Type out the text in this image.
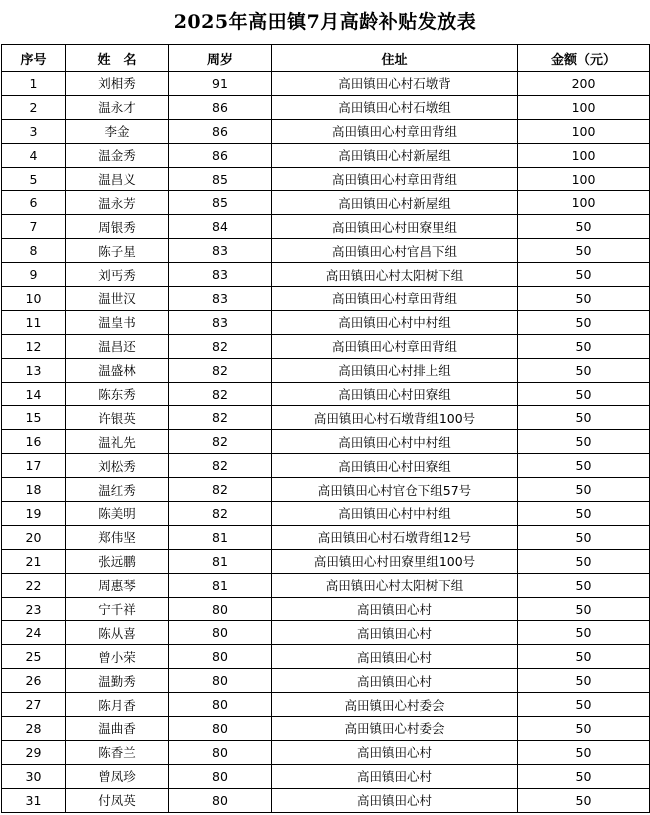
2025年高田镇7月高龄补贴发放表
序号	姓　名	周岁	住址	金额（元）
1	刘相秀	91	高田镇田心村石墩背	200
2	温永才	86	高田镇田心村石墩组	100
3	李金	86	高田镇田心村章田背组	100
4	温金秀	86	高田镇田心村新屋组	100
5	温昌义	85	高田镇田心村章田背组	100
6	温永芳	85	高田镇田心村新屋组	100
7	周银秀	84	高田镇田心村田寮里组	50
8	陈子星	83	高田镇田心村官昌下组	50
9	刘丐秀	83	高田镇田心村太阳树下组	50
10	温世汉	83	高田镇田心村章田背组	50
11	温皇书	83	高田镇田心村中村组	50
12	温昌还	82	高田镇田心村章田背组	50
13	温盛林	82	高田镇田心村排上组	50
14	陈东秀	82	高田镇田心村田寮组	50
15	许银英	82	高田镇田心村石墩背组100号	50
16	温礼先	82	高田镇田心村中村组	50
17	刘松秀	82	高田镇田心村田寮组	50
18	温红秀	82	高田镇田心村官仓下组57号	50
19	陈美明	82	高田镇田心村中村组	50
20	郑伟坚	81	高田镇田心村石墩背组12号	50
21	张远鹏	81	高田镇田心村田寮里组100号	50
22	周惠琴	81	高田镇田心村太阳树下组	50
23	宁千祥	80	高田镇田心村	50
24	陈从喜	80	高田镇田心村	50
25	曾小荣	80	高田镇田心村	50
26	温勤秀	80	高田镇田心村	50
27	陈月香	80	高田镇田心村委会	50
28	温曲香	80	高田镇田心村委会	50
29	陈香兰	80	高田镇田心村	50
30	曾凤珍	80	高田镇田心村	50
31	付凤英	80	高田镇田心村	50
